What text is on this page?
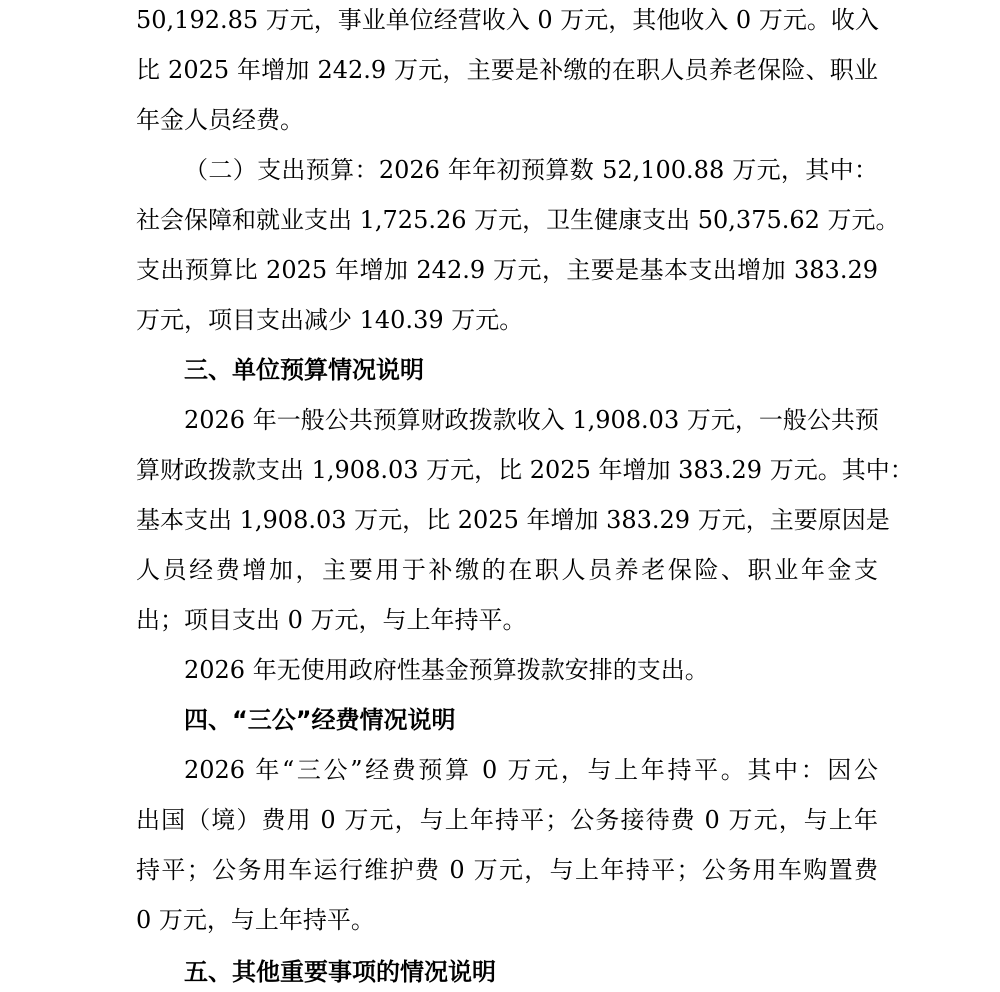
50,192.85 万元，事业单位经营收入 0 万元，其他收入 0 万元。收入
比 2025 年增加 242.9 万元，主要是补缴的在职人员养老保险、职业
年金人员经费。
（二）支出预算：2026 年年初预算数 52,100.88 万元，其中：
社会保障和就业支出 1,725.26 万元，卫生健康支出 50,375.62 万元。
支出预算比 2025 年增加 242.9 万元，主要是基本支出增加 383.29
万元，项目支出减少 140.39 万元。
三、单位预算情况说明
2026 年一般公共预算财政拨款收入 1,908.03 万元，一般公共预
算财政拨款支出 1,908.03 万元，比 2025 年增加 383.29 万元。其中：
基本支出 1,908.03 万元，比 2025 年增加 383.29 万元，主要原因是
人员经费增加，主要用于补缴的在职人员养老保险、职业年金支
出；项目支出 0 万元，与上年持平。
2026 年无使用政府性基金预算拨款安排的支出。
四、“三公”经费情况说明
2026 年“三公”经费预算 0 万元，与上年持平。其中：因公
出国（境）费用 0 万元，与上年持平；公务接待费 0 万元，与上年
持平；公务用车运行维护费 0 万元，与上年持平；公务用车购置费
0 万元，与上年持平。
五、其他重要事项的情况说明
